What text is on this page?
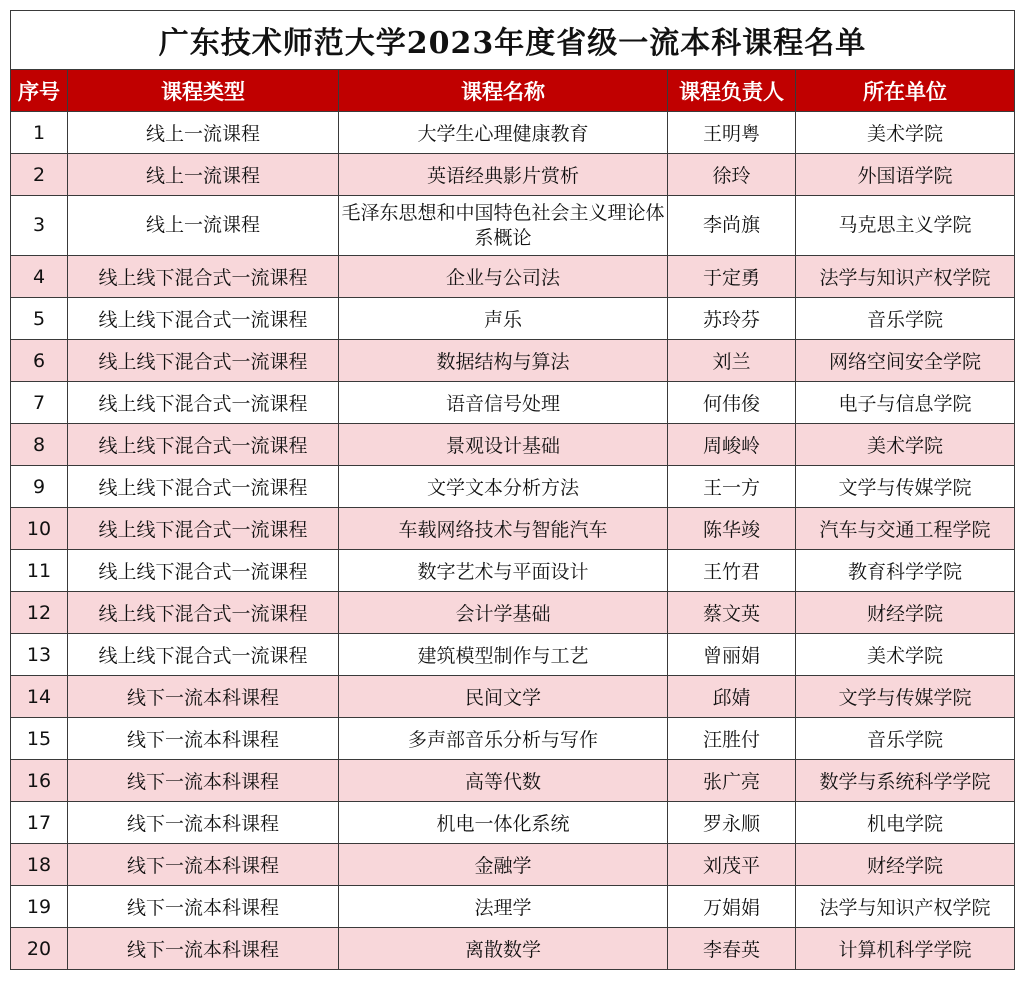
广东技术师范大学2023年度省级一流本科课程名单				
序号	课程类型	课程名称	课程负责人	所在单位
1	线上一流课程	大学生心理健康教育	王明粤	美术学院
2	线上一流课程	英语经典影片赏析	徐玲	外国语学院
3	线上一流课程	毛泽东思想和中国特色社会主义理论体系概论	李尚旗	马克思主义学院
4	线上线下混合式一流课程	企业与公司法	于定勇	法学与知识产权学院
5	线上线下混合式一流课程	声乐	苏玲芬	音乐学院
6	线上线下混合式一流课程	数据结构与算法	刘兰	网络空间安全学院
7	线上线下混合式一流课程	语音信号处理	何伟俊	电子与信息学院
8	线上线下混合式一流课程	景观设计基础	周峻岭	美术学院
9	线上线下混合式一流课程	文学文本分析方法	王一方	文学与传媒学院
10	线上线下混合式一流课程	车载网络技术与智能汽车	陈华竣	汽车与交通工程学院
11	线上线下混合式一流课程	数字艺术与平面设计	王竹君	教育科学学院
12	线上线下混合式一流课程	会计学基础	蔡文英	财经学院
13	线上线下混合式一流课程	建筑模型制作与工艺	曾丽娟	美术学院
14	线下一流本科课程	民间文学	邱婧	文学与传媒学院
15	线下一流本科课程	多声部音乐分析与写作	汪胜付	音乐学院
16	线下一流本科课程	高等代数	张广亮	数学与系统科学学院
17	线下一流本科课程	机电一体化系统	罗永顺	机电学院
18	线下一流本科课程	金融学	刘茂平	财经学院
19	线下一流本科课程	法理学	万娟娟	法学与知识产权学院
20	线下一流本科课程	离散数学	李春英	计算机科学学院
